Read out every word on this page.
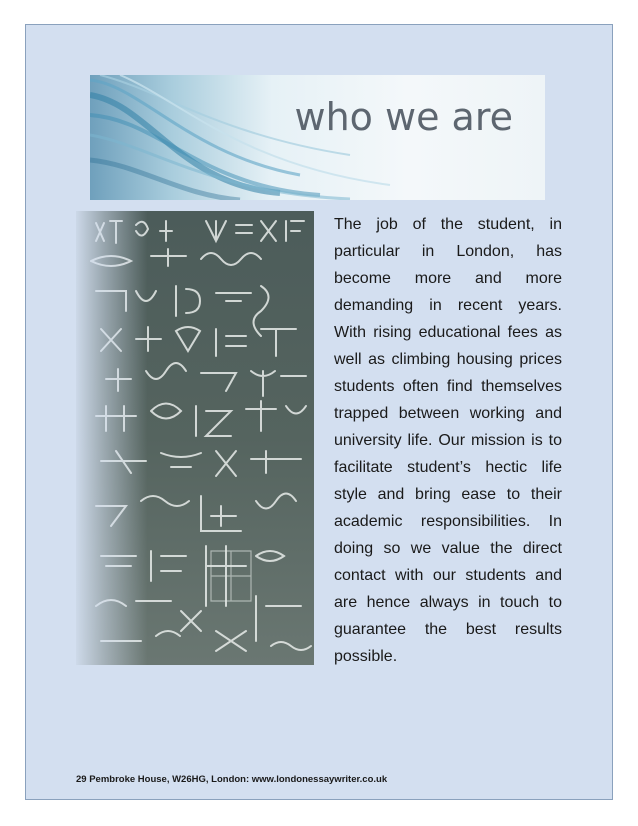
who we are

The job of the student, in particular in London, has become more and more demanding in recent years. With rising educational fees as well as climbing housing prices students often find themselves trapped between working and university life. Our mission is to facilitate student’s hectic life style and bring ease to their academic responsibilities. In doing so we value the direct contact with our students and are hence always in touch to guarantee the best results possible.

29 Pembroke House, W26HG, London: www.londonessaywriter.co.uk
